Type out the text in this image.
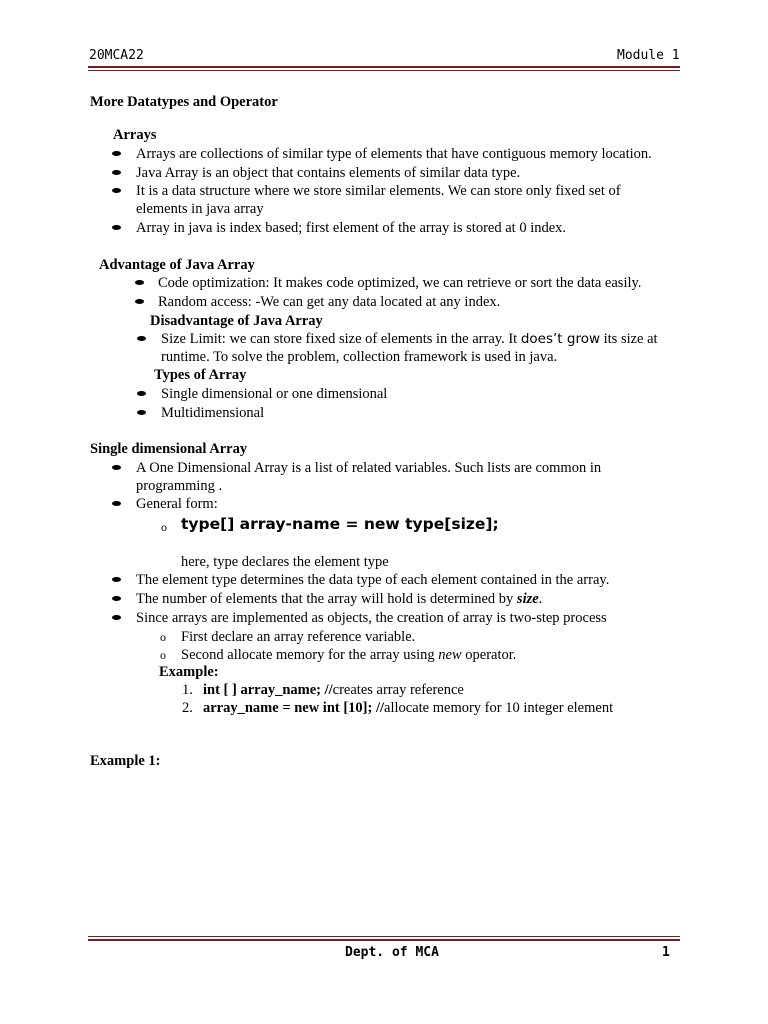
20MCA22	Module 1
More Datatypes and Operator
Arrays
Arrays are collections of similar type of elements that have contiguous memory location.
Java Array is an object that contains elements of similar data type.
It is a data structure where we store similar elements. We can store only fixed set of
elements in java array
Array in java is index based; first element of the array is stored at 0 index.
Advantage of Java Array
Code optimization: It makes code optimized, we can retrieve or sort the data easily.
Random access: -We can get any data located at any index.
Disadvantage of Java Array
Size Limit: we can store fixed size of elements in the array. It does’t grow its size at
runtime. To solve the problem, collection framework is used in java.
Types of Array
Single dimensional or one dimensional
Multidimensional
Single dimensional Array
A One Dimensional Array is a list of related variables. Such lists are common in
programming .
General form:
o type[] array-name = new type[size];
here, type declares the element type
The element type determines the data type of each element contained in the array.
The number of elements that the array will hold is determined by size.
Since arrays are implemented as objects, the creation of array is two-step process
o First declare an array reference variable.
o Second allocate memory for the array using new operator.
Example:
1. int [ ] array_name; //creates array reference
2. array_name = new int [10]; //allocate memory for 10 integer element
Example 1:
Dept. of MCA	1
